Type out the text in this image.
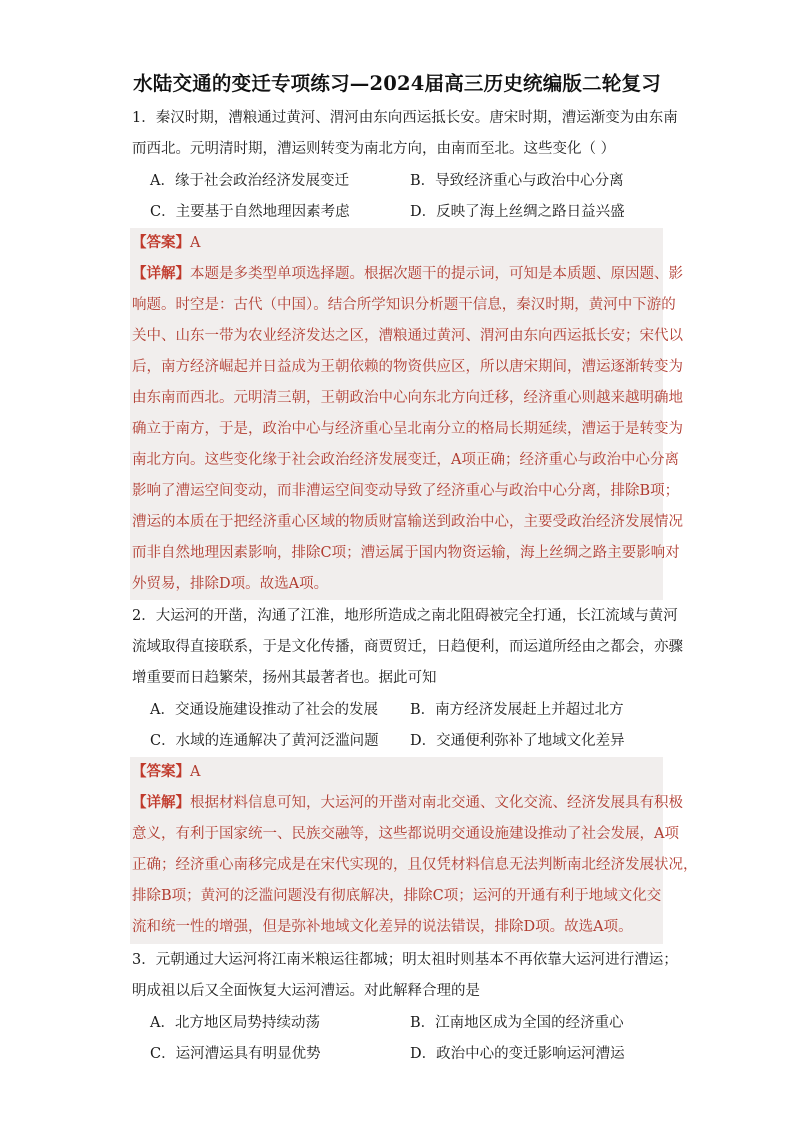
水陆交通的变迁专项练习—2024届高三历史统编版二轮复习
1．秦汉时期，漕粮通过黄河、渭河由东向西运抵长安。唐宋时期，漕运渐变为由东南
而西北。元明清时期，漕运则转变为南北方向，由南而至北。这些变化（ ）
A．缘于社会政治经济发展变迁	B．导致经济重心与政治中心分离
C．主要基于自然地理因素考虑	D．反映了海上丝绸之路日益兴盛
【答案】A
【详解】本题是多类型单项选择题。根据次题干的提示词，可知是本质题、原因题、影
响题。时空是：古代（中国）。结合所学知识分析题干信息，秦汉时期，黄河中下游的
关中、山东一带为农业经济发达之区，漕粮通过黄河、渭河由东向西运抵长安；宋代以
后，南方经济崛起并日益成为王朝依赖的物资供应区，所以唐宋期间，漕运逐渐转变为
由东南而西北。元明清三朝，王朝政治中心向东北方向迁移，经济重心则越来越明确地
确立于南方，于是，政治中心与经济重心呈北南分立的格局长期延续，漕运于是转变为
南北方向。这些变化缘于社会政治经济发展变迁，A项正确；经济重心与政治中心分离
影响了漕运空间变动，而非漕运空间变动导致了经济重心与政治中心分离，排除B项；
漕运的本质在于把经济重心区域的物质财富输送到政治中心，主要受政治经济发展情况
而非自然地理因素影响，排除C项；漕运属于国内物资运输，海上丝绸之路主要影响对
外贸易，排除D项。故选A项。
2．大运河的开凿，沟通了江淮，地形所造成之南北阻碍被完全打通，长江流域与黄河
流域取得直接联系，于是文化传播，商贾贸迁，日趋便利，而运道所经由之都会，亦骤
增重要而日趋繁荣，扬州其最著者也。据此可知
A．交通设施建设推动了社会的发展 B．南方经济发展赶上并超过北方
C．水域的连通解决了黄河泛滥问题 D．交通便利弥补了地域文化差异
【答案】A
【详解】根据材料信息可知，大运河的开凿对南北交通、文化交流、经济发展具有积极
意义，有利于国家统一、民族交融等，这些都说明交通设施建设推动了社会发展，A项
正确；经济重心南移完成是在宋代实现的，且仅凭材料信息无法判断南北经济发展状况，
排除B项；黄河的泛滥问题没有彻底解决，排除C项；运河的开通有利于地域文化交
流和统一性的增强，但是弥补地域文化差异的说法错误，排除D项。故选A项。
3．元朝通过大运河将江南米粮运往都城；明太祖时则基本不再依靠大运河进行漕运；
明成祖以后又全面恢复大运河漕运。对此解释合理的是
A．北方地区局势持续动荡	B．江南地区成为全国的经济重心
C．运河漕运具有明显优势	D．政治中心的变迁影响运河漕运
